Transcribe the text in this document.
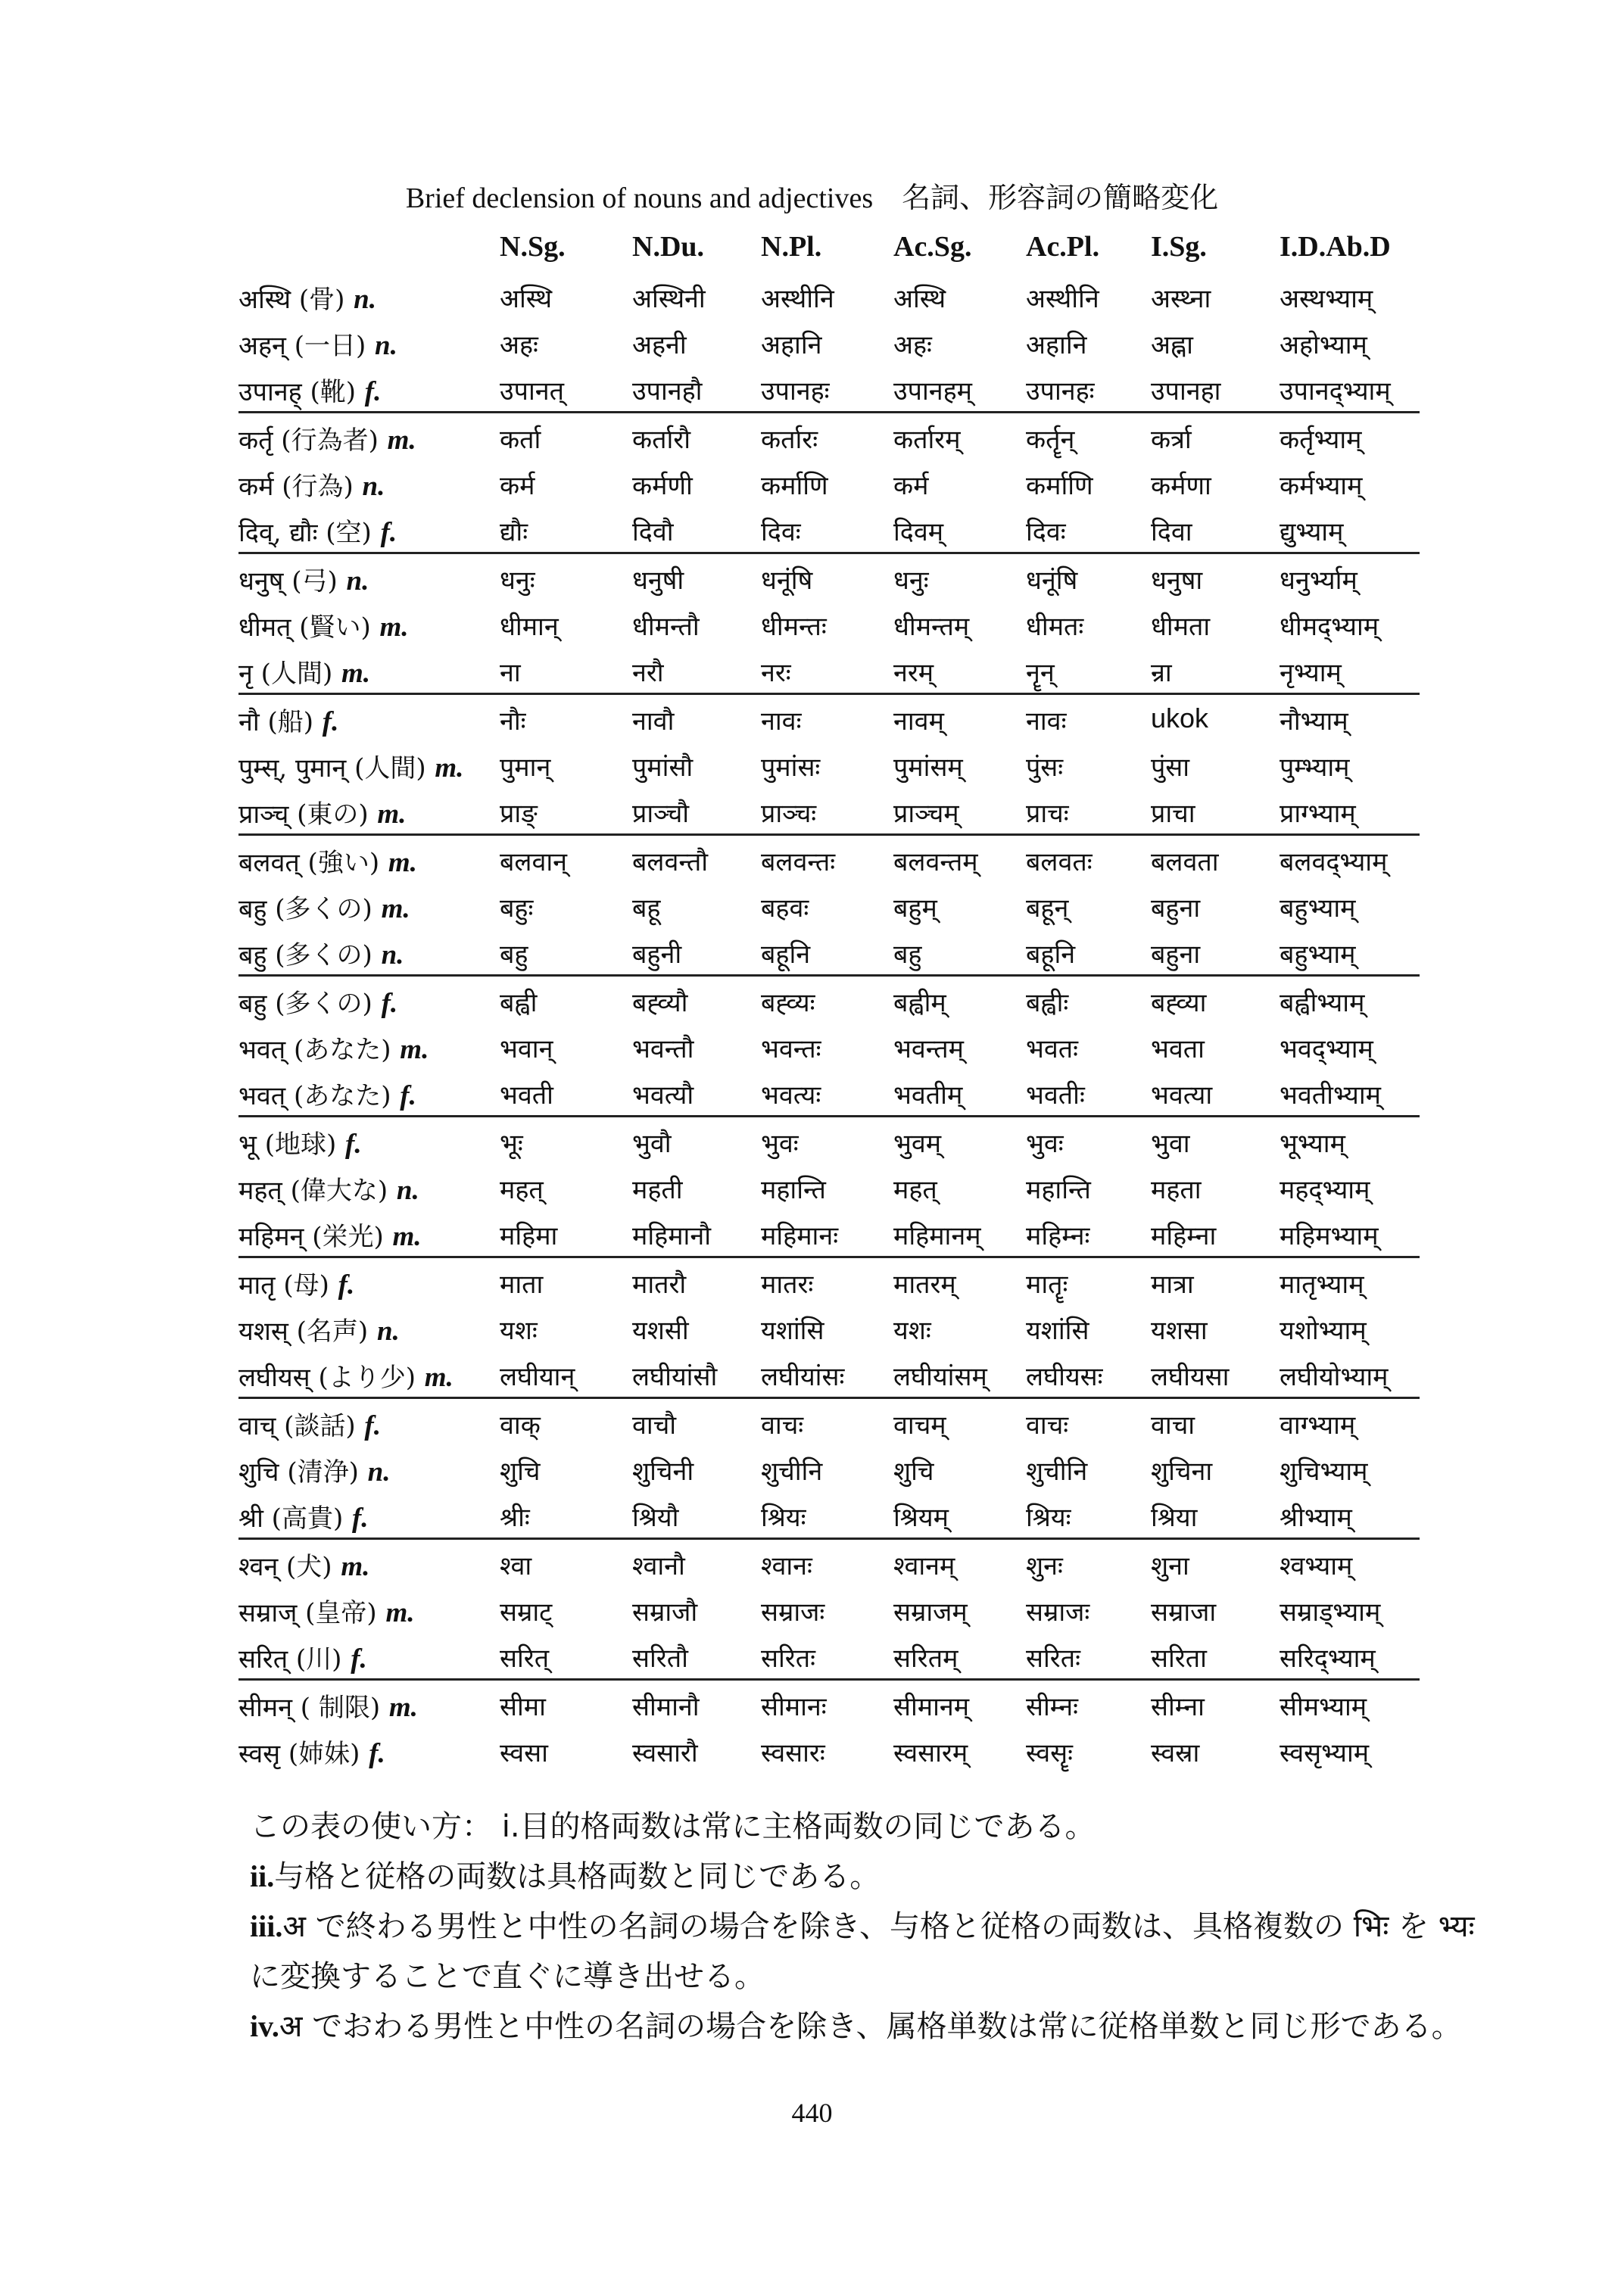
Brief declension of nouns and adjectives　名詞、形容詞の簡略変化
N.Sg. N.Du. N.Pl. Ac.Sg. Ac.Pl. I.Sg.	I.D.Ab.D
अस्थि (骨) n.	अस्थि	अस्थिनी अस्थीनि अस्थि	अस्थीनि अस्थ्ना	अस्थभ्याम्
अहन् (一日) n.	अहः	अहनी	अहानि	अहः	अहानि अह्ना	अहोभ्याम्
उपानह् (靴) f.	उपानत्	उपानहौ उपानहः उपानहम् उपानहः उपानहा उपानद्भ्याम्
कर्तृ (行為者) m.	कर्ता	कर्तारौ	कर्तारः	कर्तारम्	कर्तॄन्	कर्त्रा	कर्तृभ्याम्
कर्म (行為) n.	कर्म	कर्मणी	कर्माणि	कर्म	कर्माणि कर्मणा	कर्मभ्याम्
दिव्, द्यौः (空) f.	द्यौः	दिवौ	दिवः	दिवम्	दिवः	दिवा	द्युभ्याम्
धनुष् (弓) n.	धनुः	धनुषी	धनूंषि	धनुः	धनूंषि	धनुषा	धनुर्भ्याम्
धीमत् (賢い) m.	धीमान्	धीमन्तौ धीमन्तः	धीमन्तम् धीमतः	धीमता	धीमद्भ्याम्
नृ (人間) m.	ना	नरौ	नरः	नरम्	नॄन्	न्रा	नृभ्याम्
नौ (船) f.	नौः	नावौ	नावः	नावम्	नावः	ukok	नौभ्याम्
पुम्स्, पुमान् (人間) m. पुमान्	पुमांसौ	पुमांसः	पुमांसम् पुंसः	पुंसा	पुम्भ्याम्
प्राञ्च् (東の) m.	प्राङ्	प्राञ्चौ	प्राञ्चः	प्राञ्चम्	प्राचः	प्राचा	प्राग्भ्याम्
बलवत् (強い) m.	बलवान्	बलवन्तौ बलवन्तः बलवन्तम् बलवतः बलवता बलवद्भ्याम्
बहु (多くの) m.	बहुः	बहू	बहवः	बहुम्	बहून्	बहुना	बहुभ्याम्
बहु (多くの) n.	बहु	बहुनी	बहूनि	बहु	बहूनि	बहुना	बहुभ्याम्
बहु (多くの) f.	बह्वी	बह्व्यौ	बह्व्यः	बह्वीम्	बह्वीः	बह्व्या	बह्वीभ्याम्
भवत् (あなた) m.	भवान्	भवन्तौ	भवन्तः	भवन्तम् भवतः	भवता	भवद्भ्याम्
भवत् (あなた) f.	भवती	भवत्यौ	भवत्यः	भवतीम् भवतीः	भवत्या	भवतीभ्याम्
भू (地球) f.	भूः	भुवौ	भुवः	भुवम्	भुवः	भुवा	भूभ्याम्
महत् (偉大な) n.	महत्	महती	महान्ति	महत्	महान्ति महता	महद्भ्याम्
महिमन् (栄光) m.	महिमा	महिमानौ महिमानः महिमानम् महिम्नः महिम्ना महिमभ्याम्
मातृ (母) f.	माता	मातरौ	मातरः	मातरम्	मातॄः	मात्रा	मातृभ्याम्
यशस् (名声) n.	यशः	यशसी	यशांसि	यशः	यशांसि यशसा	यशोभ्याम्
लघीयस् (より少) m. लघीयान् लघीयांसौ लघीयांसः लघीयांसम् लघीयसः लघीयसा लघीयोभ्याम्
वाच् (談話) f.	वाक्	वाचौ	वाचः	वाचम्	वाचः	वाचा	वाग्भ्याम्
शुचि (清浄) n.	शुचि	शुचिनी	शुचीनि	शुचि	शुचीनि शुचिना	शुचिभ्याम्
श्री (高貴) f.	श्रीः	श्रियौ	श्रियः	श्रियम्	श्रियः	श्रिया	श्रीभ्याम्
श्वन् (犬) m.	श्वा	श्वानौ	श्वानः	श्वानम्	शुनः	शुना	श्वभ्याम्
सम्राज् (皇帝) m.	सम्राट्	सम्राजौ सम्राजः	सम्राजम् सम्राजः सम्राजा सम्राड्भ्याम्
सरित् (川) f.	सरित्	सरितौ	सरितः	सरितम्	सरितः	सरिता	सरिद्भ्याम्
सीमन् ( 制限) m.	सीमा	सीमानौ सीमानः	सीमानम् सीम्नः	सीम्ना	सीमभ्याम्
स्वसृ (姉妹) f.	स्वसा	स्वसारौ स्वसारः	स्वसारम् स्वसॄः	स्वस्रा	स्वसृभ्याम्

この表の使い方： i.目的格両数は常に主格両数の同じである。

ii.与格と従格の両数は具格両数と同じである。

iii.अ で終わる男性と中性の名詞の場合を除き、与格と従格の両数は、具格複数の भिः を भ्यः に変換することで直ぐに導き出せる。

iv.अ でおわる男性と中性の名詞の場合を除き、属格単数は常に従格単数と同じ形である。

440
